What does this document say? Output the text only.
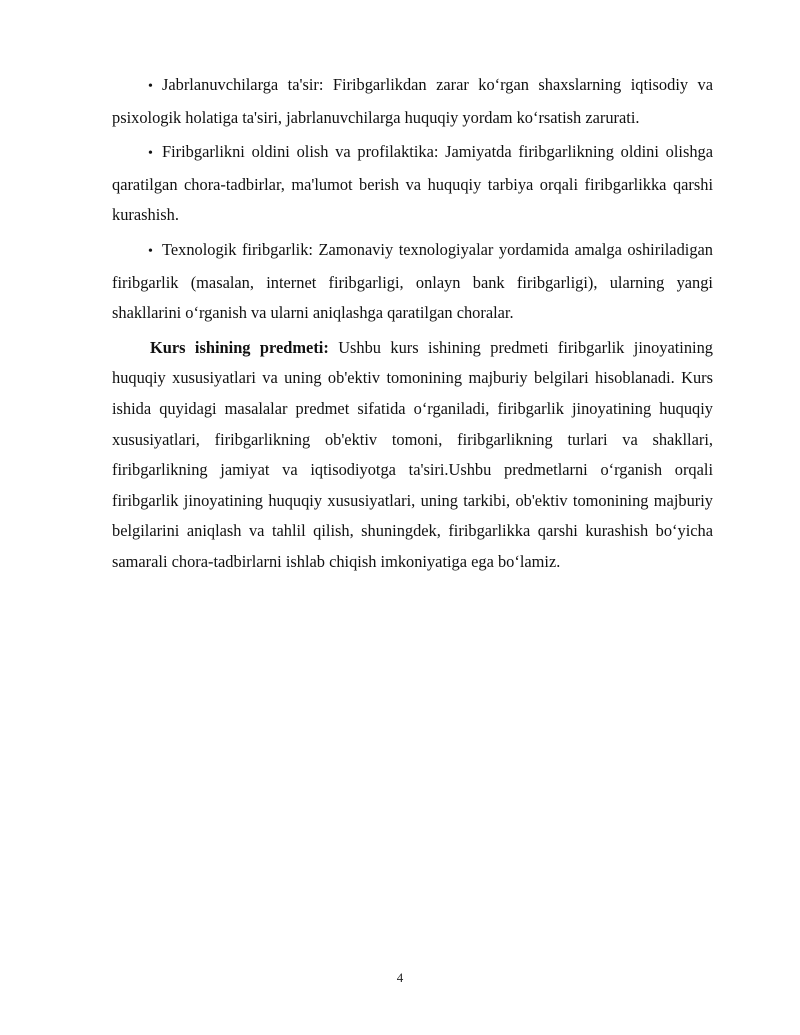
• Jabrlanuvchilarga ta'sir: Firibgarlikdan zarar koʻrgan shaxslarning iqtisodiy va psixologik holatiga ta'siri, jabrlanuvchilarga huquqiy yordam koʻrsatish zarurati.

• Firibgarlikni oldini olish va profilaktika: Jamiyatda firibgarlikning oldini olishga qaratilgan chora-tadbirlar, ma'lumot berish va huquqiy tarbiya orqali firibgarlikka qarshi kurashish.

• Texnologik firibgarlik: Zamonaviy texnologiyalar yordamida amalga oshiriladigan firibgarlik (masalan, internet firibgarligi, onlayn bank firibgarligi), ularning yangi shakllarini oʻrganish va ularni aniqlashga qaratilgan choralar.

Kurs ishining predmeti: Ushbu kurs ishining predmeti firibgarlik jinoyatining huquqiy xususiyatlari va uning ob'ektiv tomonining majburiy belgilari hisoblanadi. Kurs ishida quyidagi masalalar predmet sifatida oʻrganiladi, firibgarlik jinoyatining huquqiy xususiyatlari, firibgarlikning ob'ektiv tomoni, firibgarlikning turlari va shakllari, firibgarlikning jamiyat va iqtisodiyotga ta'siri.Ushbu predmetlarni oʻrganish orqali firibgarlik jinoyatining huquqiy xususiyatlari, uning tarkibi, ob'ektiv tomonining majburiy belgilarini aniqlash va tahlil qilish, shuningdek, firibgarlikka qarshi kurashish boʻyicha samarali chora-tadbirlarni ishlab chiqish imkoniyatiga ega boʻlamiz.

4
